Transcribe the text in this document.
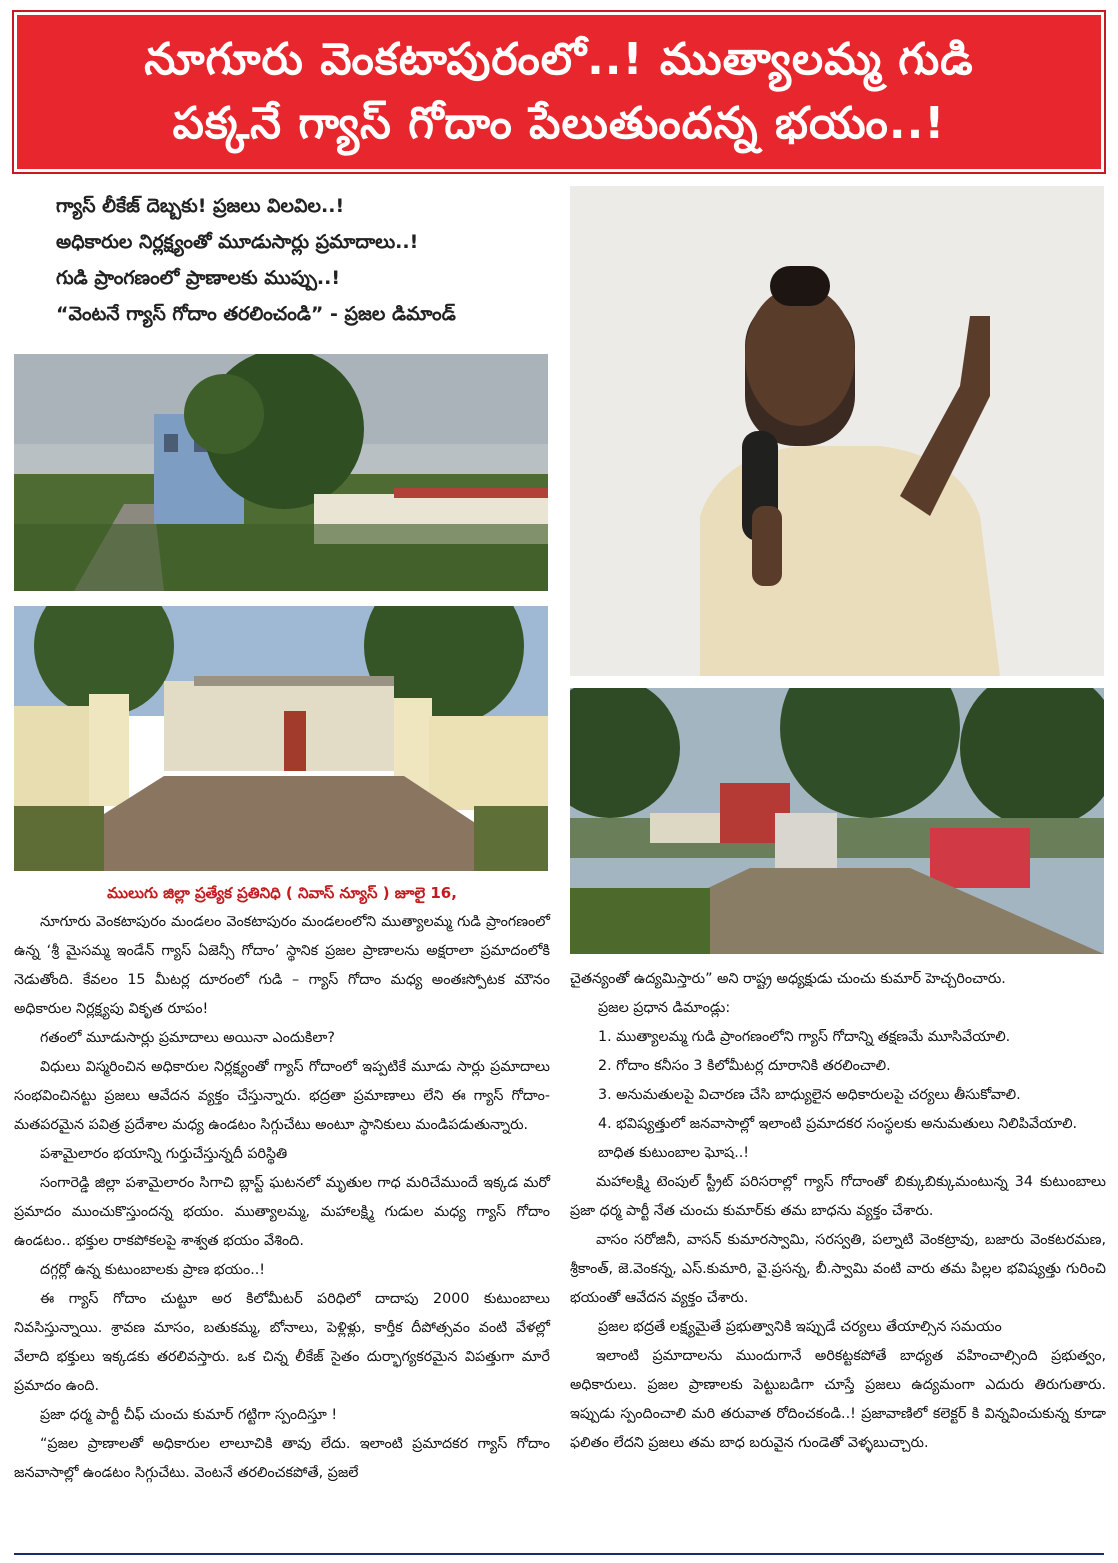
నూగూరు వెంకటాపురంలో..! ముత్యాలమ్మ గుడి
పక్కనే గ్యాస్ గోదాం పేలుతుందన్న భయం..!
గ్యాస్ లీకేజ్ దెబ్బకు! ప్రజలు విలవిల..!
అధికారుల నిర్లక్ష్యంతో మూడుసార్లు ప్రమాదాలు..!
గుడి ప్రాంగణంలో ప్రాణాలకు ముప్పు..!
“వెంటనే గ్యాస్ గోదాం తరలించండి” - ప్రజల డిమాండ్
ములుగు జిల్లా ప్రత్యేక ప్రతినిధి ( నివాస్ న్యూస్ ) జూలై 16,

నూగూరు వెంకటాపురం మండలం వెంకటాపురం మండలంలోని ముత్యాలమ్మ గుడి ప్రాంగణంలో ఉన్న ‘శ్రీ మైసమ్మ ఇండేన్ గ్యాస్ ఏజెన్సీ గోదాం’ స్థానిక ప్రజల ప్రాణాలను అక్షరాలా ప్రమాదంలోకి నెడుతోంది. కేవలం 15 మీటర్ల దూరంలో గుడి – గ్యాస్ గోదాం మధ్య అంతఃస్పోటక మౌనం అధికారుల నిర్లక్ష్యపు వికృత రూపం!

గతంలో మూడుసార్లు ప్రమాదాలు అయినా ఎందుకిలా?

విధులు విస్మరించిన అధికారుల నిర్లక్ష్యంతో గ్యాస్ గోదాంలో ఇప్పటికే మూడు సార్లు ప్రమాదాలు సంభవించినట్టు ప్రజలు ఆవేదన వ్యక్తం చేస్తున్నారు. భద్రతా ప్రమాణాలు లేని ఈ గ్యాస్ గోదాం- మతపరమైన పవిత్ర ప్రదేశాల మధ్య ఉండటం సిగ్గుచేటు అంటూ స్థానికులు మండిపడుతున్నారు.

పశామైలారం భయాన్ని గుర్తుచేస్తున్నదీ పరిస్థితి

సంగారెడ్డి జిల్లా పశామైలారం సిగాచి బ్లాస్ట్ ఘటనలో మృతుల గాధ మరిచేముందే ఇక్కడ మరో ప్రమాదం ముంచుకొస్తుందన్న భయం. ముత్యాలమ్మ, మహాలక్ష్మి గుడుల మధ్య గ్యాస్ గోదాం ఉండటం.. భక్తుల రాకపోకలపై శాశ్వత భయం వేశింది.

దగ్గర్లో ఉన్న కుటుంబాలకు ప్రాణ భయం..!

ఈ గ్యాస్ గోదాం చుట్టూ అర కిలోమీటర్ పరిధిలో దాదాపు 2000 కుటుంబాలు నివసిస్తున్నాయి. శ్రావణ మాసం, బతుకమ్మ, బోనాలు, పెళ్లిళ్లు, కార్తీక దీపోత్సవం వంటి వేళల్లో వేలాది భక్తులు ఇక్కడకు తరలివస్తారు. ఒక చిన్న లీకేజ్ సైతం దుర్భాగ్యకరమైన విపత్తుగా మారే ప్రమాదం ఉంది.

ప్రజా ధర్మ పార్టీ చీఫ్ చుంచు కుమార్ గట్టిగా స్పందిస్తూ !

“ప్రజల ప్రాణాలతో అధికారుల లాలూచికి తావు లేదు. ఇలాంటి ప్రమాదకర గ్యాస్ గోదాం జనవాసాల్లో ఉండటం సిగ్గుచేటు. వెంటనే తరలించకపోతే, ప్రజలే

చైతన్యంతో ఉద్యమిస్తారు” అని రాష్ట్ర అధ్యక్షుడు చుంచు కుమార్ హెచ్చరించారు.

ప్రజల ప్రధాన డిమాండ్లు:

1. ముత్యాలమ్మ గుడి ప్రాంగణంలోని గ్యాస్ గోదాన్ని తక్షణమే మూసివేయాలి.

2. గోదాం కనీసం 3 కిలోమీటర్ల దూరానికి తరలించాలి.

3. అనుమతులపై విచారణ చేసి బాధ్యులైన అధికారులపై చర్యలు తీసుకోవాలి.

4. భవిష్యత్తులో జనవాసాల్లో ఇలాంటి ప్రమాదకర సంస్థలకు అనుమతులు నిలిపివేయాలి.

బాధిత కుటుంబాల ఘోష..!

మహాలక్ష్మి టెంపుల్ స్ట్రీట్ పరిసరాల్లో గ్యాస్ గోదాంతో బిక్కుబిక్కుమంటున్న 34 కుటుంబాలు ప్రజా ధర్మ పార్టీ నేత చుంచు కుమార్‌కు తమ బాధను వ్యక్తం చేశారు.

వాసం సరోజినీ, వాసన్ కుమారస్వామి, సరస్వతి, పల్నాటి వెంకట్రావు, బజారు వెంకటరమణ, శ్రీకాంత్, జె.వెంకన్న, ఎస్.కుమారి, వై.ప్రసన్న, బీ.స్వామి వంటి వారు తమ పిల్లల భవిష్యత్తు గురించి భయంతో ఆవేదన వ్యక్తం చేశారు.

ప్రజల భద్రతే లక్ష్యమైతే ప్రభుత్వానికి ఇప్పుడే చర్యలు తేయాల్సిన సమయం

ఇలాంటి ప్రమాదాలను ముందుగానే అరికట్టకపోతే బాధ్యత వహించాల్సింది ప్రభుత్వం, అధికారులు. ప్రజల ప్రాణాలకు పెట్టుబడిగా చూస్తే ప్రజలు ఉద్యమంగా ఎదురు తిరుగుతారు. ఇప్పుడు స్పందించాలి మరి తరువాత రోదించకండి..! ప్రజావాణిలో కలెక్టర్ కి విన్నవించుకున్న కూడా ఫలితం లేదని ప్రజలు తమ బాధ బరువైన గుండెతో వెళ్ళబుచ్చారు.
